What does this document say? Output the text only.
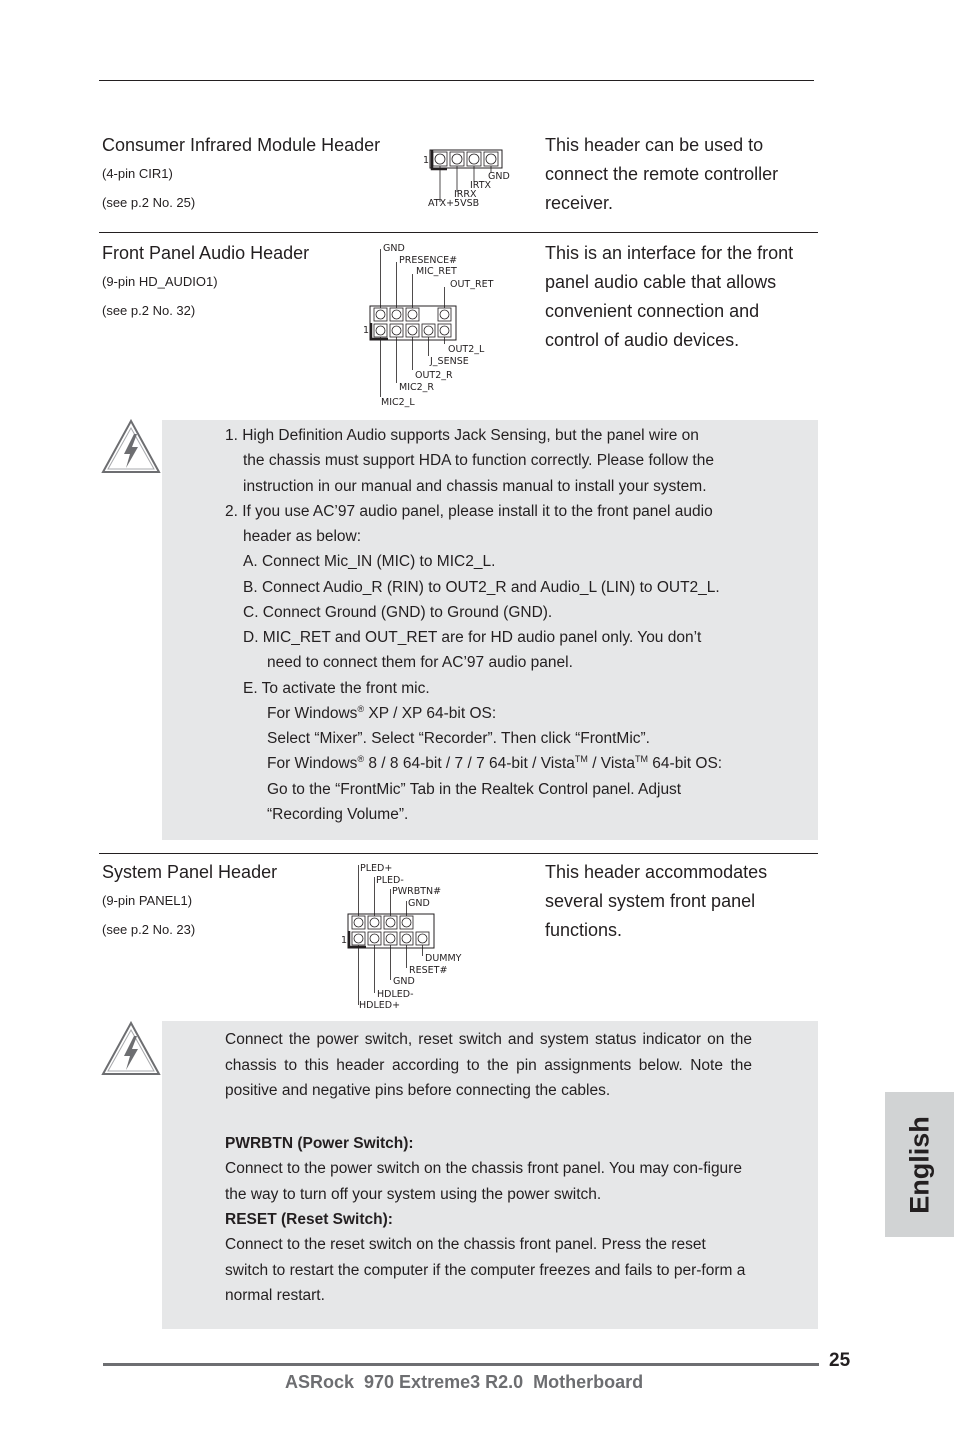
Consumer Infrared Module Header
(4-pin CIR1)
(see p.2 No. 25)
This header can be used to connect the remote controller receiver.
1
GND
IRTX
IRRX
ATX+5VSB
Front Panel Audio Header
(9-pin HD_AUDIO1)
(see p.2 No. 32)
This is an interface for the front panel audio cable that allows convenient connection and control of audio devices.
1
GND
PRESENCE#
MIC_RET
OUT_RET
OUT2_L
J_SENSE
OUT2_R
MIC2_R
MIC2_L
1. High Definition Audio supports Jack Sensing, but the panel wire on
the chassis must support HDA to function correctly. Please follow the
instruction in our manual and chassis manual to install your system.
2. If you use AC’97 audio panel, please install it to the front panel audio
header as below:
A. Connect Mic_IN (MIC) to MIC2_L.
B. Connect Audio_R (RIN) to OUT2_R and Audio_L (LIN) to OUT2_L.
C. Connect Ground (GND) to Ground (GND).
D. MIC_RET and OUT_RET are for HD audio panel only. You don’t
need to connect them for AC’97 audio panel.
E. To activate the front mic.
For Windows® XP / XP 64-bit OS:
Select “Mixer”. Select “Recorder”. Then click “FrontMic”.
For Windows® 8 / 8 64-bit / 7 / 7 64-bit / Vista™ / Vista™ 64-bit OS:
Go to the “FrontMic” Tab in the Realtek Control panel. Adjust
“Recording Volume”.
System Panel Header
(9-pin PANEL1)
(see p.2 No. 23)
This header accommodates several system front panel functions.
1
PLED+
PLED-
PWRBTN#
GND
DUMMY
RESET#
GND
HDLED-
HDLED+
Connect the power switch, reset switch and system status indicator on the chassis to this header according to the pin assignments below. Note the positive and negative pins before connecting the cables.
PWRBTN (Power Switch):
Connect to the power switch on the chassis front panel. You may con-figure the way to turn off your system using the power switch.
RESET (Reset Switch):
Connect to the reset switch on the chassis front panel. Press the reset switch to restart the computer if the computer freezes and fails to per-form a normal restart.
English
25
ASRock  970 Extreme3 R2.0  Motherboard
